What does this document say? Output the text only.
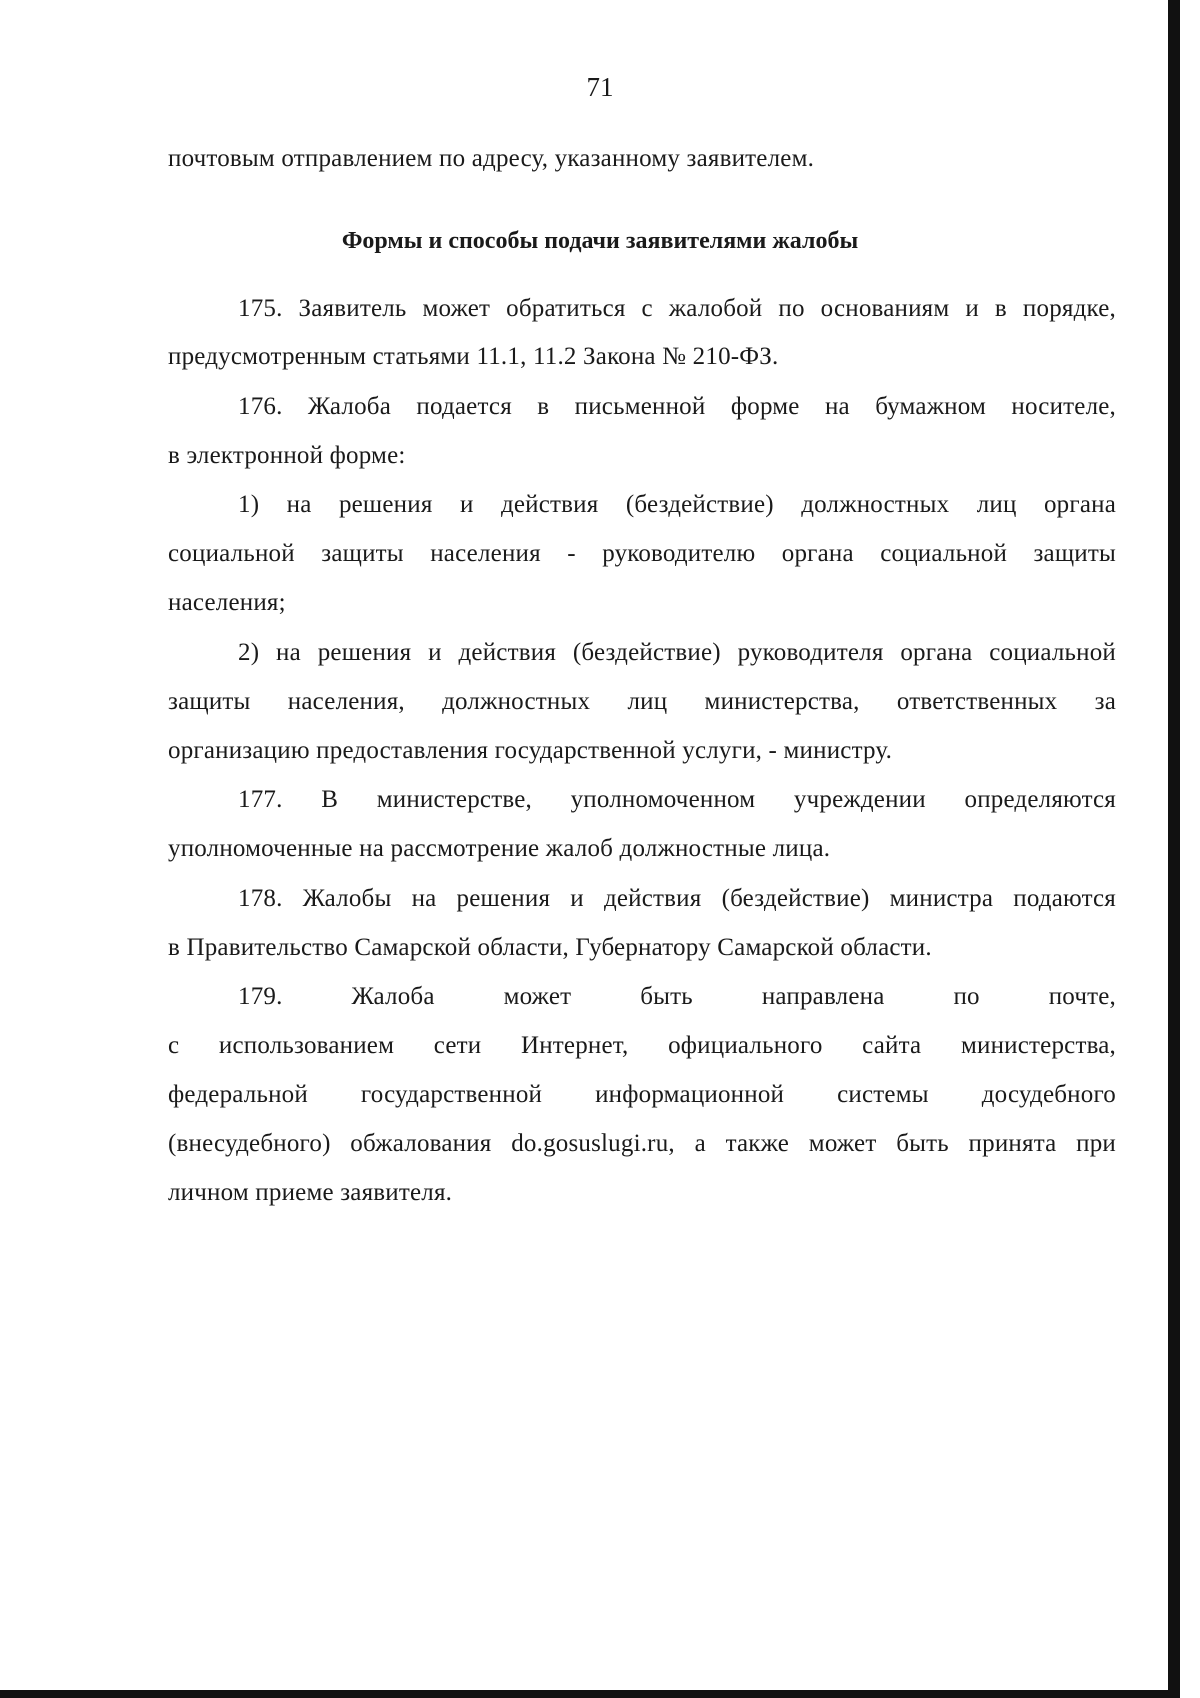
71
почтовым отправлением по адресу, указанному заявителем.
Формы и способы подачи заявителями жалобы
175. Заявитель может обратиться с жалобой по основаниям и в порядке,
предусмотренным статьями 11.1, 11.2 Закона № 210-ФЗ.
176. Жалоба подается в письменной форме на бумажном носителе,
в электронной форме:
1) на решения и действия (бездействие) должностных лиц органа
социальной защиты населения - руководителю органа социальной защиты
населения;
2) на решения и действия (бездействие) руководителя органа социальной
защиты населения, должностных лиц министерства, ответственных за
организацию предоставления государственной услуги, - министру.
177. В министерстве, уполномоченном учреждении определяются
уполномоченные на рассмотрение жалоб должностные лица.
178. Жалобы на решения и действия (бездействие) министра подаются
в Правительство Самарской области, Губернатору Самарской области.
179. Жалоба может быть направлена по почте,
с использованием сети Интернет, официального сайта министерства,
федеральной государственной информационной системы досудебного
(внесудебного) обжалования do.gosuslugi.ru, а также может быть принята при
личном приеме заявителя.
